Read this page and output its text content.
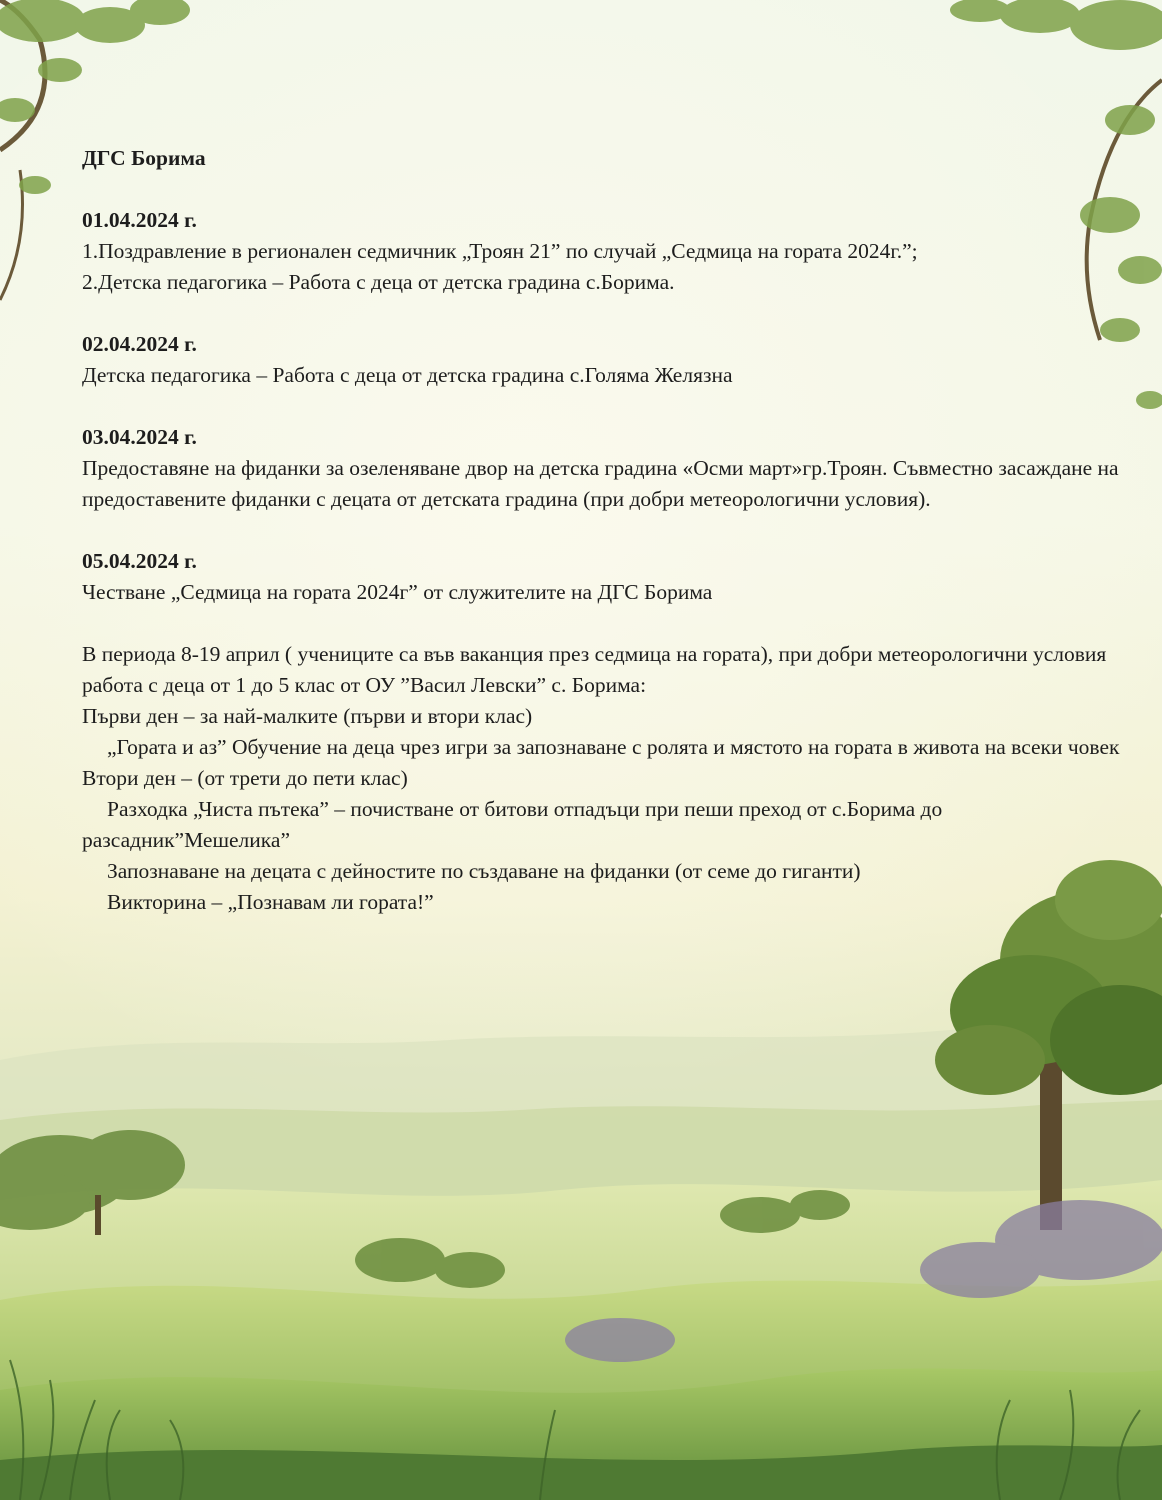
ДГС Борима

01.04.2024 г.

1.Поздравление в регионален седмичник „Троян 21” по случай „Седмица на гората 2024г.”;

2.Детска педагогика – Работа с деца от детска градина с.Борима.

02.04.2024 г.

Детска педагогика – Работа с деца от детска градина с.Голяма Желязна

03.04.2024 г.

Предоставяне на фиданки за озеленяване двор на детска градина «Осми март»гр.Троян. Съвместно засаждане на предоставените фиданки с децата от детската градина (при добри метеорологични условия).

05.04.2024 г.

Честване „Седмица на гората 2024г” от служителите на ДГС Борима

В периода 8-19 април ( учениците са във ваканция през седмица на гората), при добри метеорологични условия работа с деца от 1 до 5 клас от ОУ ”Васил Левски” с. Борима:

Първи ден – за най-малките (първи и втори клас)

„Гората и аз” Обучение на деца чрез игри за запознаване с ролята и мястото на гората в живота на всеки човек

Втори ден – (от трети до пети клас)

Разходка „Чиста пътека” – почистване от битови отпадъци при пеши преход от с.Борима до разсадник”Мешелика”

Запознаване на децата с дейностите по създаване на фиданки (от семе до гиганти)

Викторина – „Познавам ли гората!”
